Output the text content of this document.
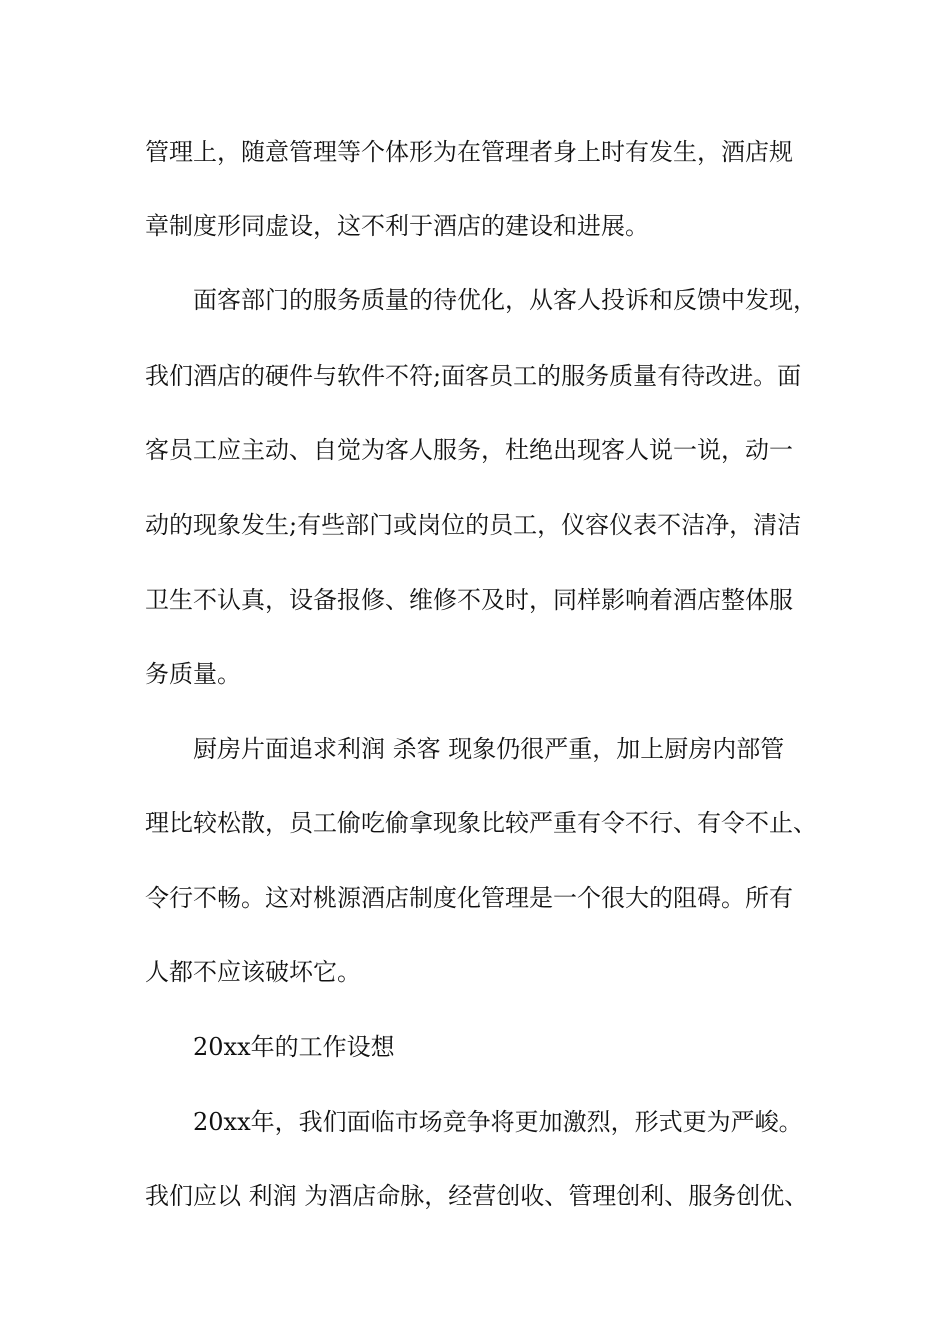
管理上，随意管理等个体形为在管理者身上时有发生，酒店规
章制度形同虚设，这不利于酒店的建设和进展。
面客部门的服务质量的待优化，从客人投诉和反馈中发现，
我们酒店的硬件与软件不符;面客员工的服务质量有待改进。面
客员工应主动、自觉为客人服务，杜绝出现客人说一说，动一
动的现象发生;有些部门或岗位的员工，仪容仪表不洁净，清洁
卫生不认真，设备报修、维修不及时，同样影响着酒店整体服
务质量。
厨房片面追求利润 杀客 现象仍很严重，加上厨房内部管
理比较松散，员工偷吃偷拿现象比较严重有令不行、有令不止、
令行不畅。这对桃源酒店制度化管理是一个很大的阻碍。所有
人都不应该破坏它。
20xx年的工作设想
20xx年，我们面临市场竞争将更加激烈，形式更为严峻。
我们应以 利润 为酒店命脉，经营创收、管理创利、服务创优、
